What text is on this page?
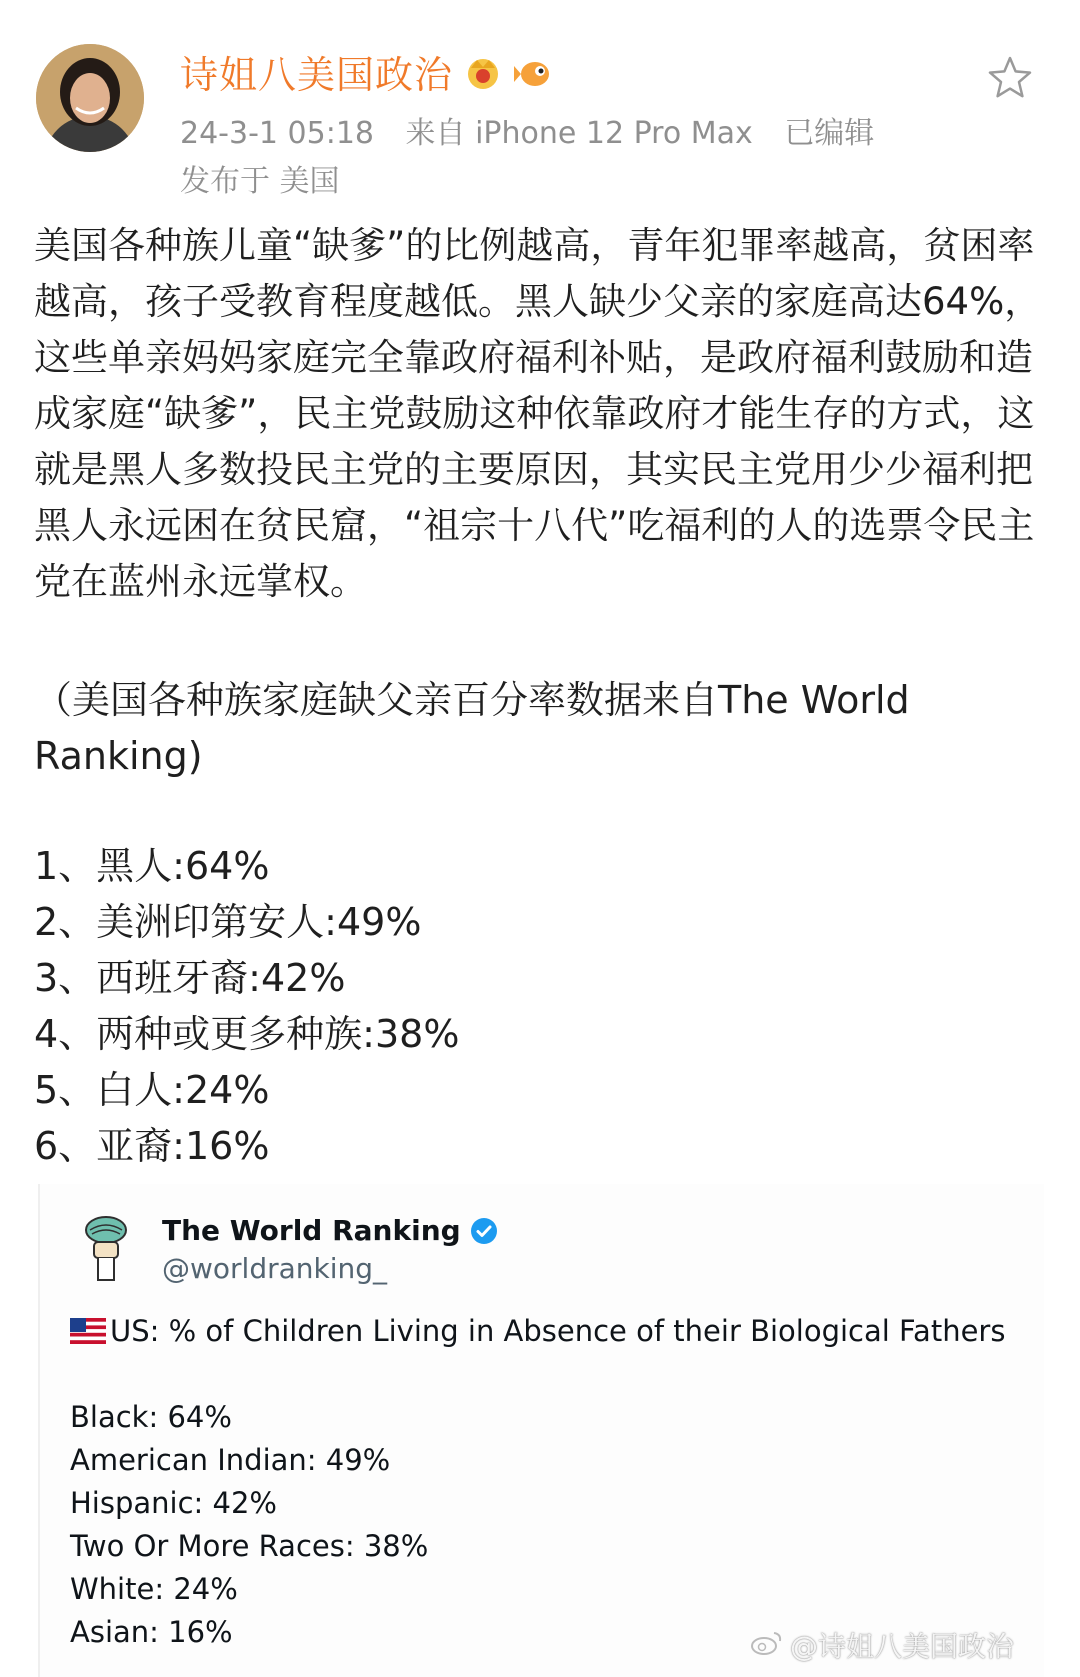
诗姐八美国政治
24-3-1 05:18 来自 iPhone 12 Pro Max 已编辑
发布于 美国
美国各种族儿童“缺爹”的比例越高，青年犯罪率越高，贫困率越高，孩子受教育程度越低。黑人缺少父亲的家庭高达64%，这些单亲妈妈家庭完全靠政府福利补贴，是政府福利鼓励和造成家庭“缺爹”，民主党鼓励这种依靠政府才能生存的方式，这就是黑人多数投民主党的主要原因，其实民主党用少少福利把黑人永远困在贫民窟，“祖宗十八代”吃福利的人的选票令民主党在蓝州永远掌权。
（美国各种族家庭缺父亲百分率数据来自The World Ranking)
1、黑人:64%
2、美洲印第安人:49%
3、西班牙裔:42%
4、两种或更多种族:38%
5、白人:24%
6、亚裔:16%
The World Ranking
@worldranking_
US: % of Children Living in Absence of their Biological Fathers
Black: 64%
American Indian: 49%
Hispanic: 42%
Two Or More Races: 38%
White: 24%
Asian: 16%	@诗姐八美国政治
